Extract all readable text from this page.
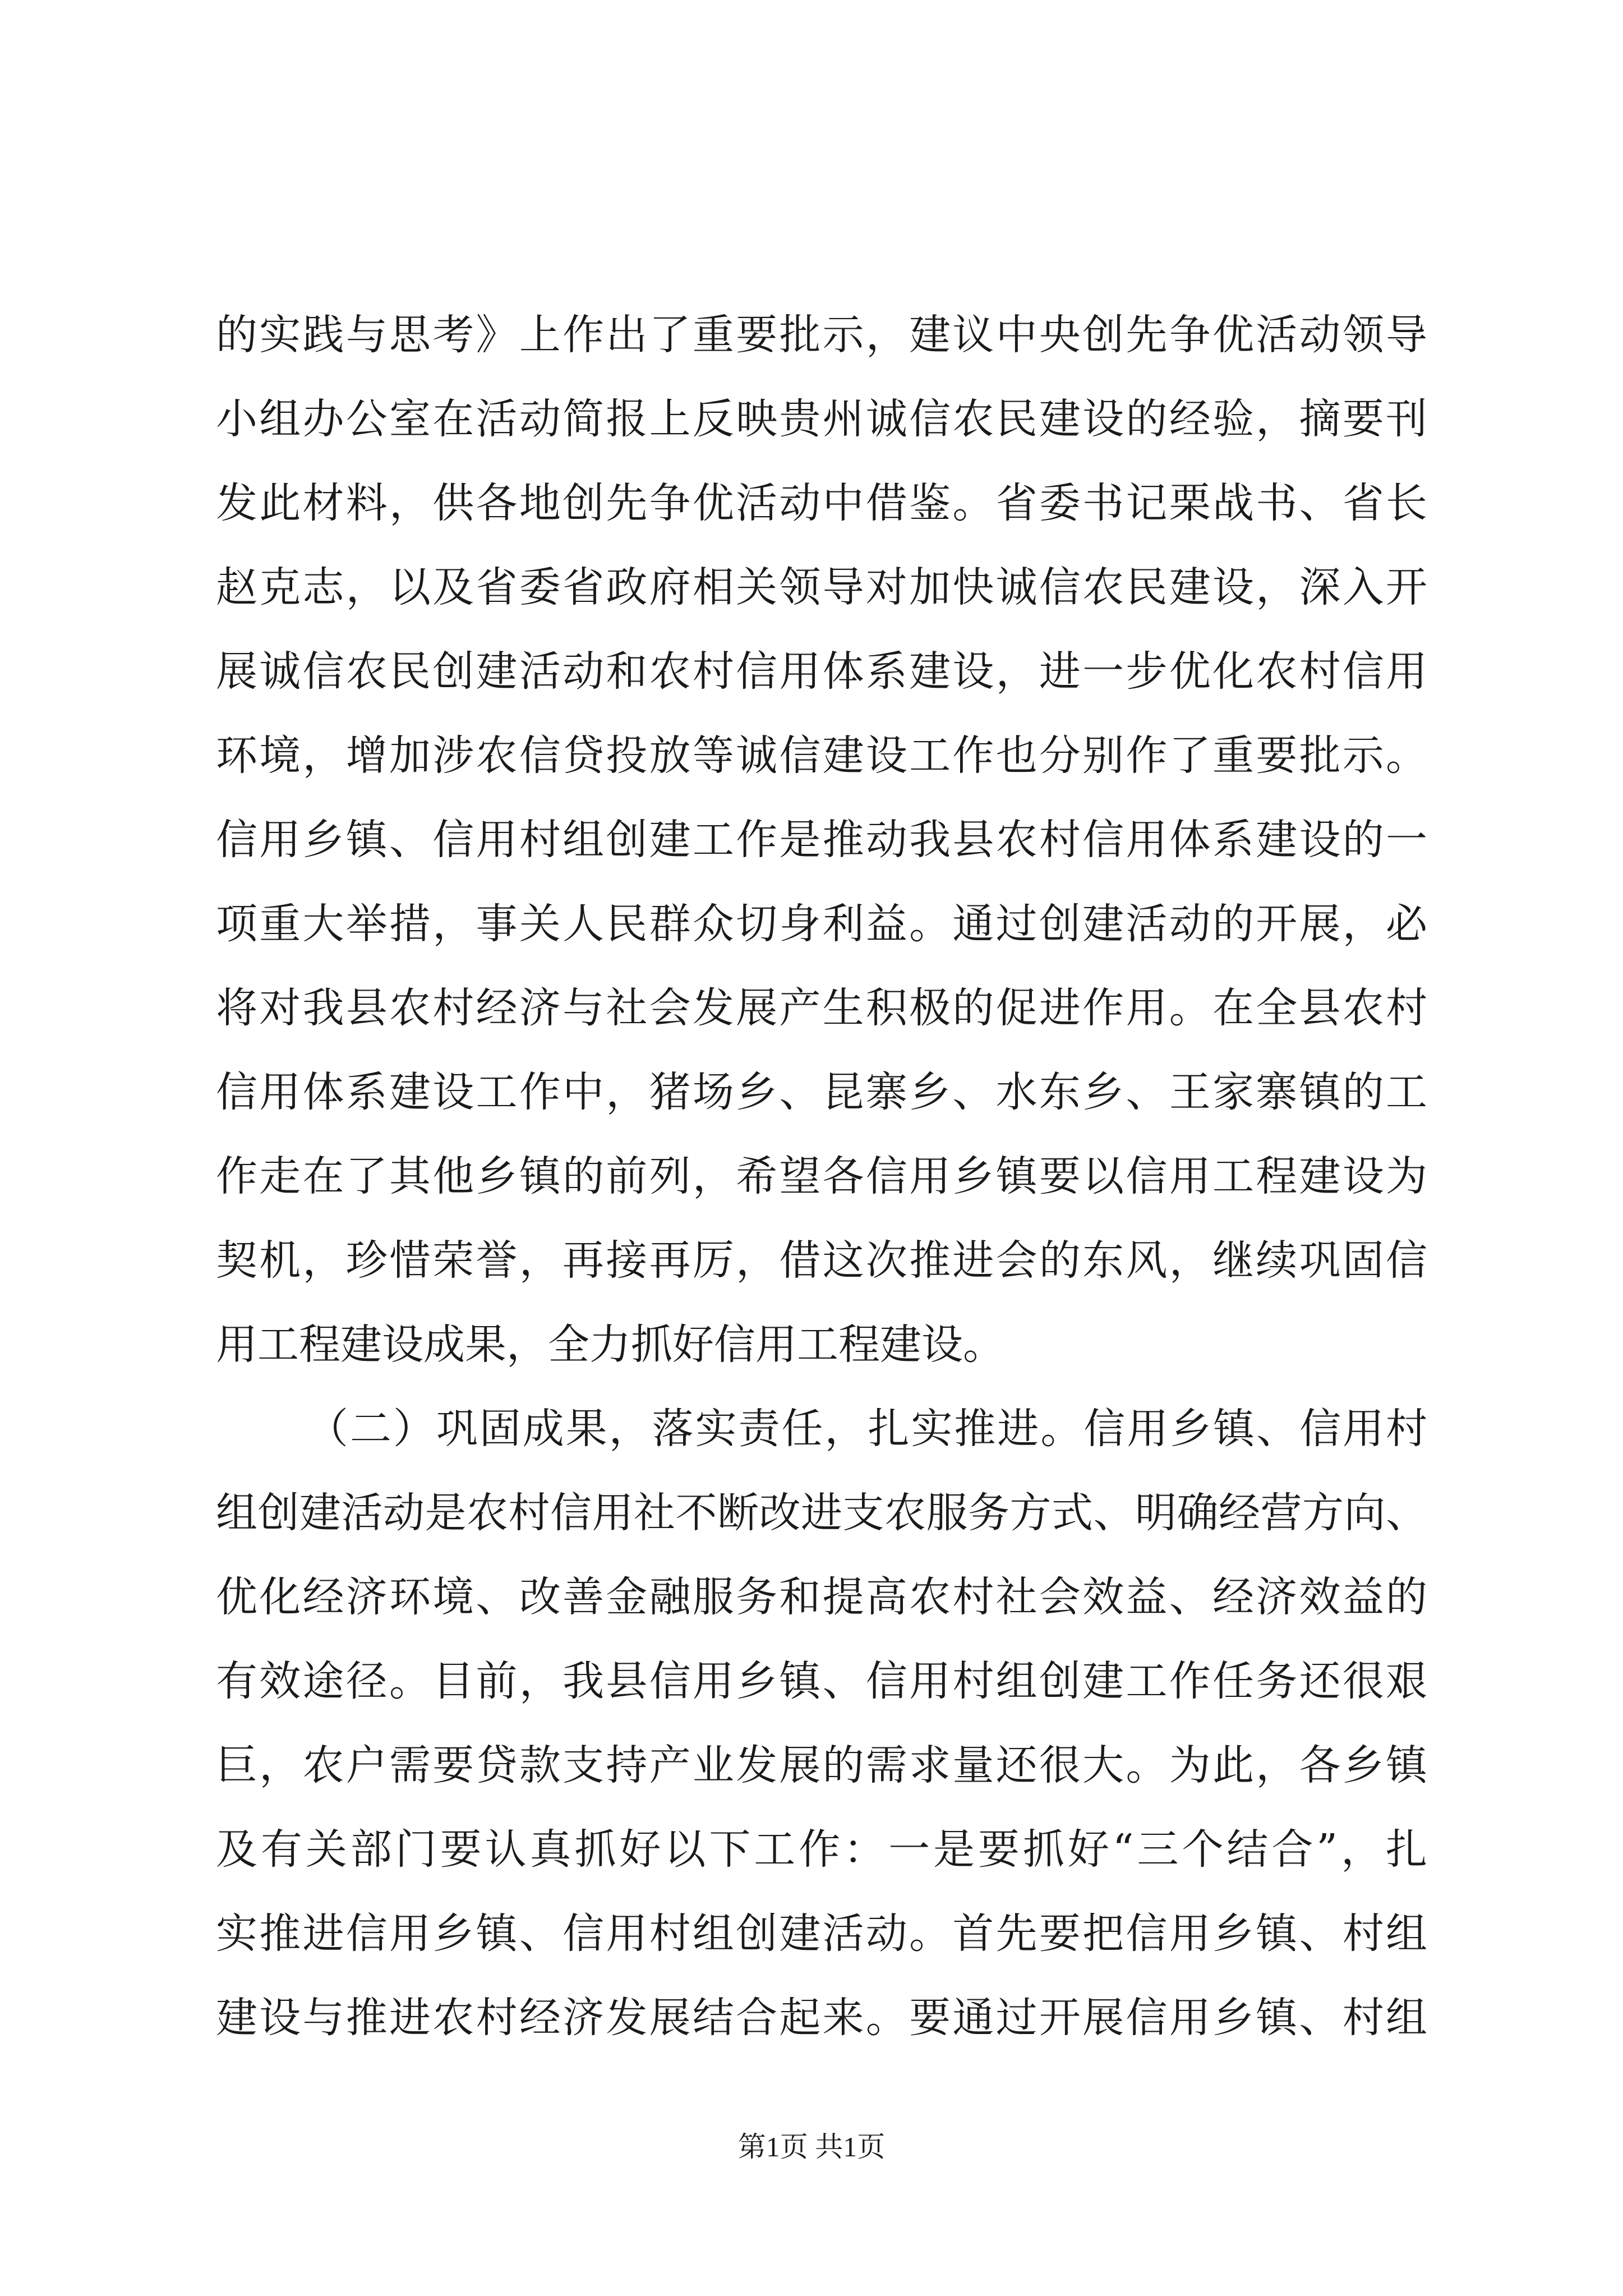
的实践与思考》上作出了重要批示，建议中央创先争优活动领导
小组办公室在活动简报上反映贵州诚信农民建设的经验，摘要刊
发此材料，供各地创先争优活动中借鉴。省委书记栗战书、省长
赵克志，以及省委省政府相关领导对加快诚信农民建设，深入开
展诚信农民创建活动和农村信用体系建设，进一步优化农村信用
环境，增加涉农信贷投放等诚信建设工作也分别作了重要批示。
信用乡镇、信用村组创建工作是推动我县农村信用体系建设的一
项重大举措，事关人民群众切身利益。通过创建活动的开展，必
将对我县农村经济与社会发展产生积极的促进作用。在全县农村
信用体系建设工作中，猪场乡、昆寨乡、水东乡、王家寨镇的工
作走在了其他乡镇的前列，希望各信用乡镇要以信用工程建设为
契机，珍惜荣誉，再接再厉，借这次推进会的东风，继续巩固信
用工程建设成果，全力抓好信用工程建设。
（二）巩固成果，落实责任，扎实推进。信用乡镇、信用村
组创建活动是农村信用社不断改进支农服务方式、明确经营方向、
优化经济环境、改善金融服务和提高农村社会效益、经济效益的
有效途径。目前，我县信用乡镇、信用村组创建工作任务还很艰
巨，农户需要贷款支持产业发展的需求量还很大。为此，各乡镇
及有关部门要认真抓好以下工作：一是要抓好“三个结合”，扎
实推进信用乡镇、信用村组创建活动。首先要把信用乡镇、村组
建设与推进农村经济发展结合起来。要通过开展信用乡镇、村组
第1页 共1页
